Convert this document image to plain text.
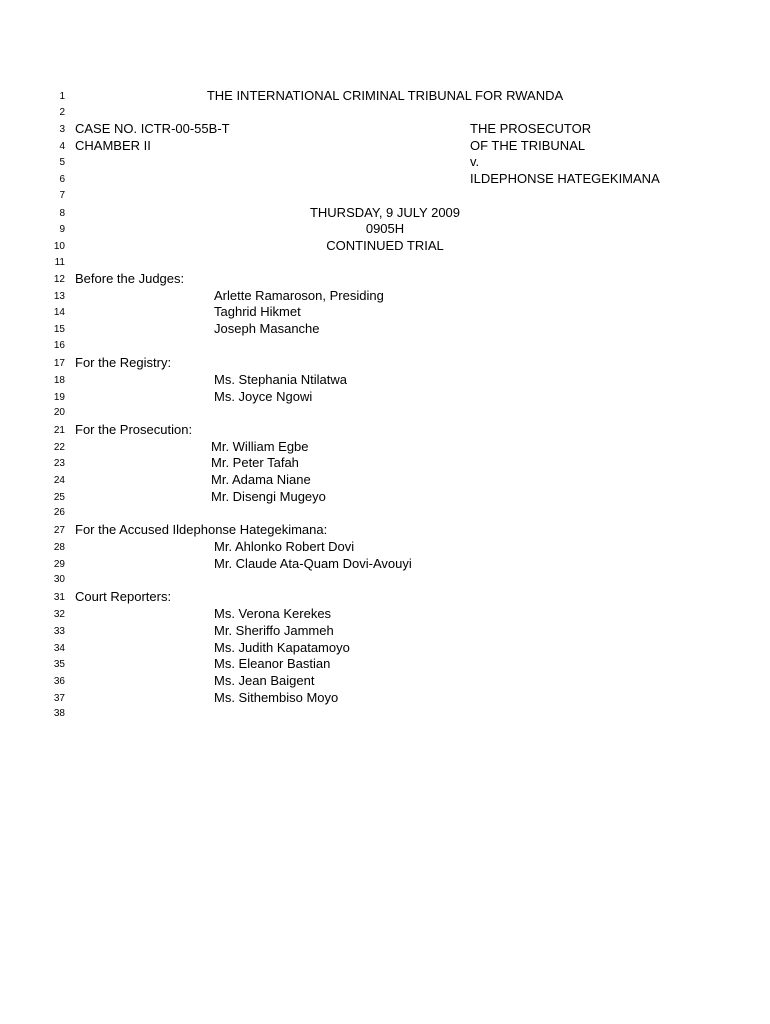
1	THE INTERNATIONAL CRIMINAL TRIBUNAL FOR RWANDA
2
3 CASE NO. ICTR-00-55B-T	THE PROSECUTOR
4 CHAMBER II	OF THE TRIBUNAL
5	v.
6	ILDEPHONSE HATEGEKIMANA
7
8	THURSDAY, 9 JULY 2009
9	0905H
10	CONTINUED TRIAL
11
12 Before the Judges:
13	Arlette Ramaroson, Presiding
14	Taghrid Hikmet
15	Joseph Masanche
16
17 For the Registry:
18	Ms. Stephania Ntilatwa
19	Ms. Joyce Ngowi
20
21 For the Prosecution:
22	Mr. William Egbe
23	Mr. Peter Tafah
24	Mr. Adama Niane
25	Mr. Disengi Mugeyo
26
27 For the Accused Ildephonse Hategekimana:
28	Mr. Ahlonko Robert Dovi
29	Mr. Claude Ata-Quam Dovi-Avouyi
30
31 Court Reporters:
32	Ms. Verona Kerekes
33	Mr. Sheriffo Jammeh
34	Ms. Judith Kapatamoyo
35	Ms. Eleanor Bastian
36	Ms. Jean Baigent
37	Ms. Sithembiso Moyo
38
